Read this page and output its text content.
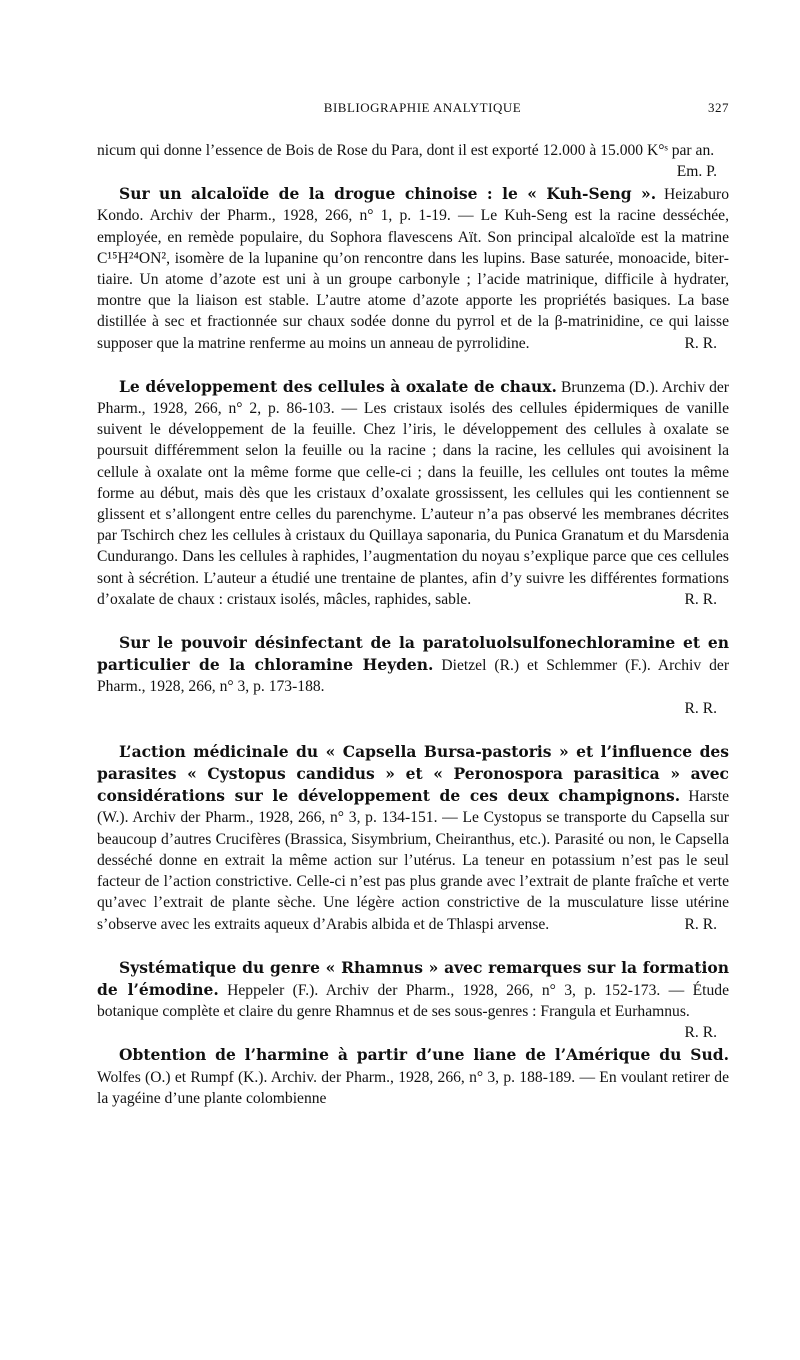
BIBLIOGRAPHIE ANALYTIQUE	327

nicum qui donne l’essence de Bois de Rose du Para, dont il est exporté 12.000 à 15.000 K°ˢ par an.
Em. P.

Sur un alcaloïde de la drogue chinoise : le « Kuh-Seng ». Heizaburo Kondo. Archiv der Pharm., 1928, 266, n° 1, p. 1-19. — Le Kuh-Seng est la racine desséchée, employée, en remède populaire, du Sophora flavescens Aït. Son principal alcaloïde est la matrine C¹⁵H²⁴ON², isomère de la lupanine qu’on rencontre dans les lupins. Base saturée, monoacide, bitertiaire. Un atome d’azote est uni à un groupe carbonyle ; l’acide matrinique, difficile à hydrater, montre que la liaison est stable. L’autre atome d’azote apporte les propriétés basiques. La base distillée à sec et fractionnée sur chaux sodée donne du pyrrol et de la β-matrinidine, ce qui laisse supposer que la matrine renferme au moins un anneau de pyrrolidine.	R. R.

Le développement des cellules à oxalate de chaux. Brunzema (D.). Archiv der Pharm., 1928, 266, n° 2, p. 86-103. — Les cristaux isolés des cellules épidermiques de vanille suivent le développement de la feuille. Chez l’iris, le développement des cellules à oxalate se poursuit différemment selon la feuille ou la racine ; dans la racine, les cellules qui avoisinent la cellule à oxalate ont la même forme que celle-ci ; dans la feuille, les cellules ont toutes la même forme au début, mais dès que les cristaux d’oxalate grossissent, les cellules qui les contiennent se glissent et s’allongent entre celles du parenchyme. L’auteur n’a pas observé les membranes décrites par Tschirch chez les cellules à cristaux du Quillaya saponaria, du Punica Granatum et du Marsdenia Cundurango. Dans les cellules à raphides, l’augmentation du noyau s’explique parce que ces cellules sont à sécrétion. L’auteur a étudié une trentaine de plantes, afin d’y suivre les différentes formations d’oxalate de chaux : cristaux isolés, mâcles, raphides, sable.	R. R.

Sur le pouvoir désinfectant de la paratoluolsulfonechloramine et en particulier de la chloramine Heyden. Dietzel (R.) et Schlemmer (F.). Archiv der Pharm., 1928, 266, n° 3, p. 173-188.

R. R.

L’action médicinale du « Capsella Bursa-pastoris » et l’influence des parasites « Cystopus candidus » et « Peronospora parasitica » avec considérations sur le développement de ces deux champignons. Harste (W.). Archiv der Pharm., 1928, 266, n° 3, p. 134-151. — Le Cystopus se transporte du Capsella sur beaucoup d’autres Crucifères (Brassica, Sisymbrium, Cheiranthus, etc.). Parasité ou non, le Capsella desséché donne en extrait la même action sur l’utérus. La teneur en potassium n’est pas le seul facteur de l’action constrictive. Celle-ci n’est pas plus grande avec l’extrait de plante fraîche et verte qu’avec l’extrait de plante sèche. Une légère action constrictive de la musculature lisse utérine s’observe avec les extraits aqueux d’Arabis albida et de Thlaspi arvense.	R. R.

Systématique du genre « Rhamnus » avec remarques sur la formation de l’émodine. Heppeler (F.). Archiv der Pharm., 1928, 266, n° 3, p. 152-173. — Étude botanique complète et claire du genre Rhamnus et de ses sous-genres : Frangula et Eurhamnus.
R. R.

Obtention de l’harmine à partir d’une liane de l’Amérique du Sud. Wolfes (O.) et Rumpf (K.). Archiv. der Pharm., 1928, 266, n° 3, p. 188-189. — En voulant retirer de la yagéine d’une plante colombienne
